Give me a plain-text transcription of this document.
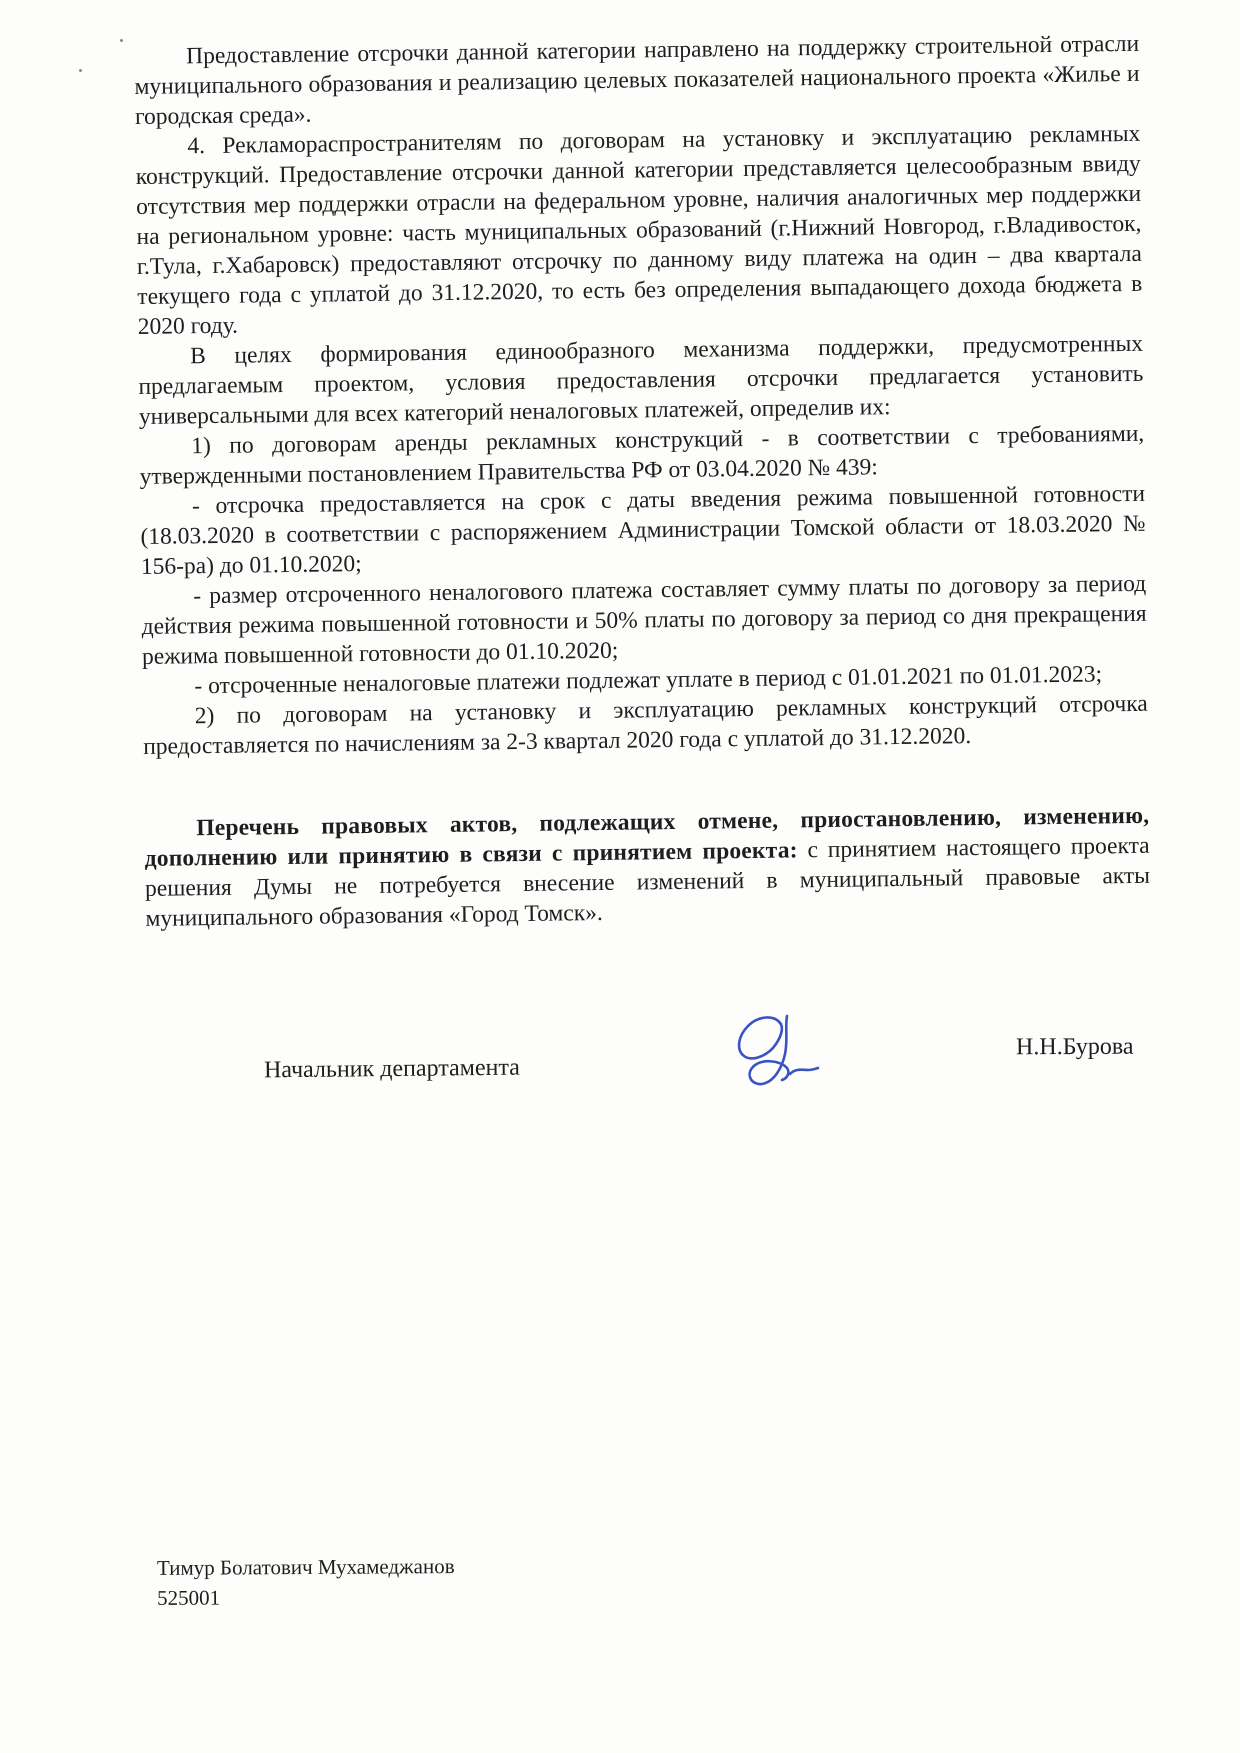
Предоставление отсрочки данной категории направлено на поддержку строительной отрасли муниципального образования и реализацию целевых показателей национального проекта «Жилье и городская среда».

4. Рекламораспространителям по договорам на установку и эксплуатацию рекламных конструкций. Предоставление отсрочки данной категории представляется целесообразным ввиду отсутствия мер поддержки отрасли на федеральном уровне, наличия аналогичных мер поддержки на региональном уровне: часть муниципальных образований (г.Нижний Новгород, г.Владивосток, г.Тула, г.Хабаровск) предоставляют отсрочку по данному виду платежа на один – два квартала текущего года с уплатой до 31.12.2020, то есть без определения выпадающего дохода бюджета в 2020 году.

В целях формирования единообразного механизма поддержки, предусмотренных предлагаемым проектом, условия предоставления отсрочки предлагается установить универсальными для всех категорий неналоговых платежей, определив их:

1) по договорам аренды рекламных конструкций - в соответствии с требованиями, утвержденными постановлением Правительства РФ от 03.04.2020 № 439:

- отсрочка предоставляется на срок с даты введения режима повышенной готовности (18.03.2020 в соответствии с распоряжением Администрации Томской области от 18.03.2020 № 156-ра) до 01.10.2020;

- размер отсроченного неналогового платежа составляет сумму платы по договору за период действия режима повышенной готовности и 50% платы по договору за период со дня прекращения режима повышенной готовности до 01.10.2020;

- отсроченные неналоговые платежи подлежат уплате в период с 01.01.2021 по 01.01.2023;

2) по договорам на установку и эксплуатацию рекламных конструкций отсрочка предоставляется по начислениям за 2-3 квартал 2020 года с уплатой до 31.12.2020.

Перечень правовых актов, подлежащих отмене, приостановлению, изменению, дополнению или принятию в связи с принятием проекта: с принятием настоящего проекта решения Думы не потребуется внесение изменений в муниципальный правовые акты муниципального образования «Город Томск».

Начальник департамента
Н.Н.Бурова
Тимур Болатович Мухамеджанов
525001
